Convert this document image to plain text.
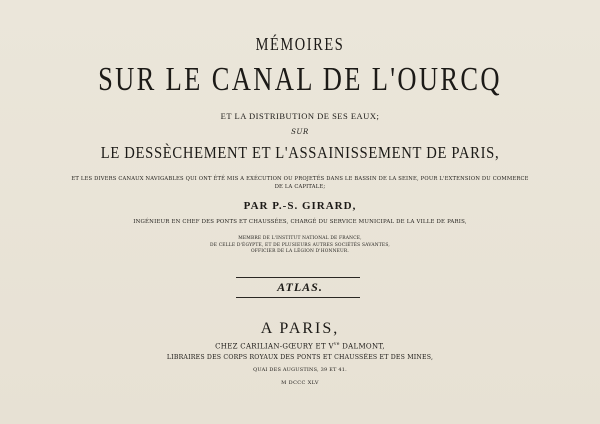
MÉMOIRES
SUR LE CANAL DE L'OURCQ
ET LA DISTRIBUTION DE SES EAUX;
SUR
LE DESSÈCHEMENT ET L'ASSAINISSEMENT DE PARIS,
ET LES DIVERS CANAUX NAVIGABLES QUI ONT ÉTÉ MIS A EXÉCUTION OU PROJETÉS DANS LE BASSIN DE LA SEINE, POUR L'EXTENSION DU COMMERCE
DE LA CAPITALE;
PAR P.-S. GIRARD,
INGÉNIEUR EN CHEF DES PONTS ET CHAUSSÉES, CHARGÉ DU SERVICE MUNICIPAL DE LA VILLE DE PARIS,
MEMBRE DE L'INSTITUT NATIONAL DE FRANCE,
DE CELLE D'ÉGYPTE, ET DE PLUSIEURS AUTRES SOCIÉTÉS SAVANTES,
OFFICIER DE LA LÉGION D'HONNEUR.
ATLAS.
A PARIS,
CHEZ CARILIAN-GŒURY ET $V^{ve}$ DALMONT,
LIBRAIRES DES CORPS ROYAUX DES PONTS ET CHAUSSÉES ET DES MINES,
QUAI DES AUGUSTINS, 39 ET 41.
M DCCC XLV
